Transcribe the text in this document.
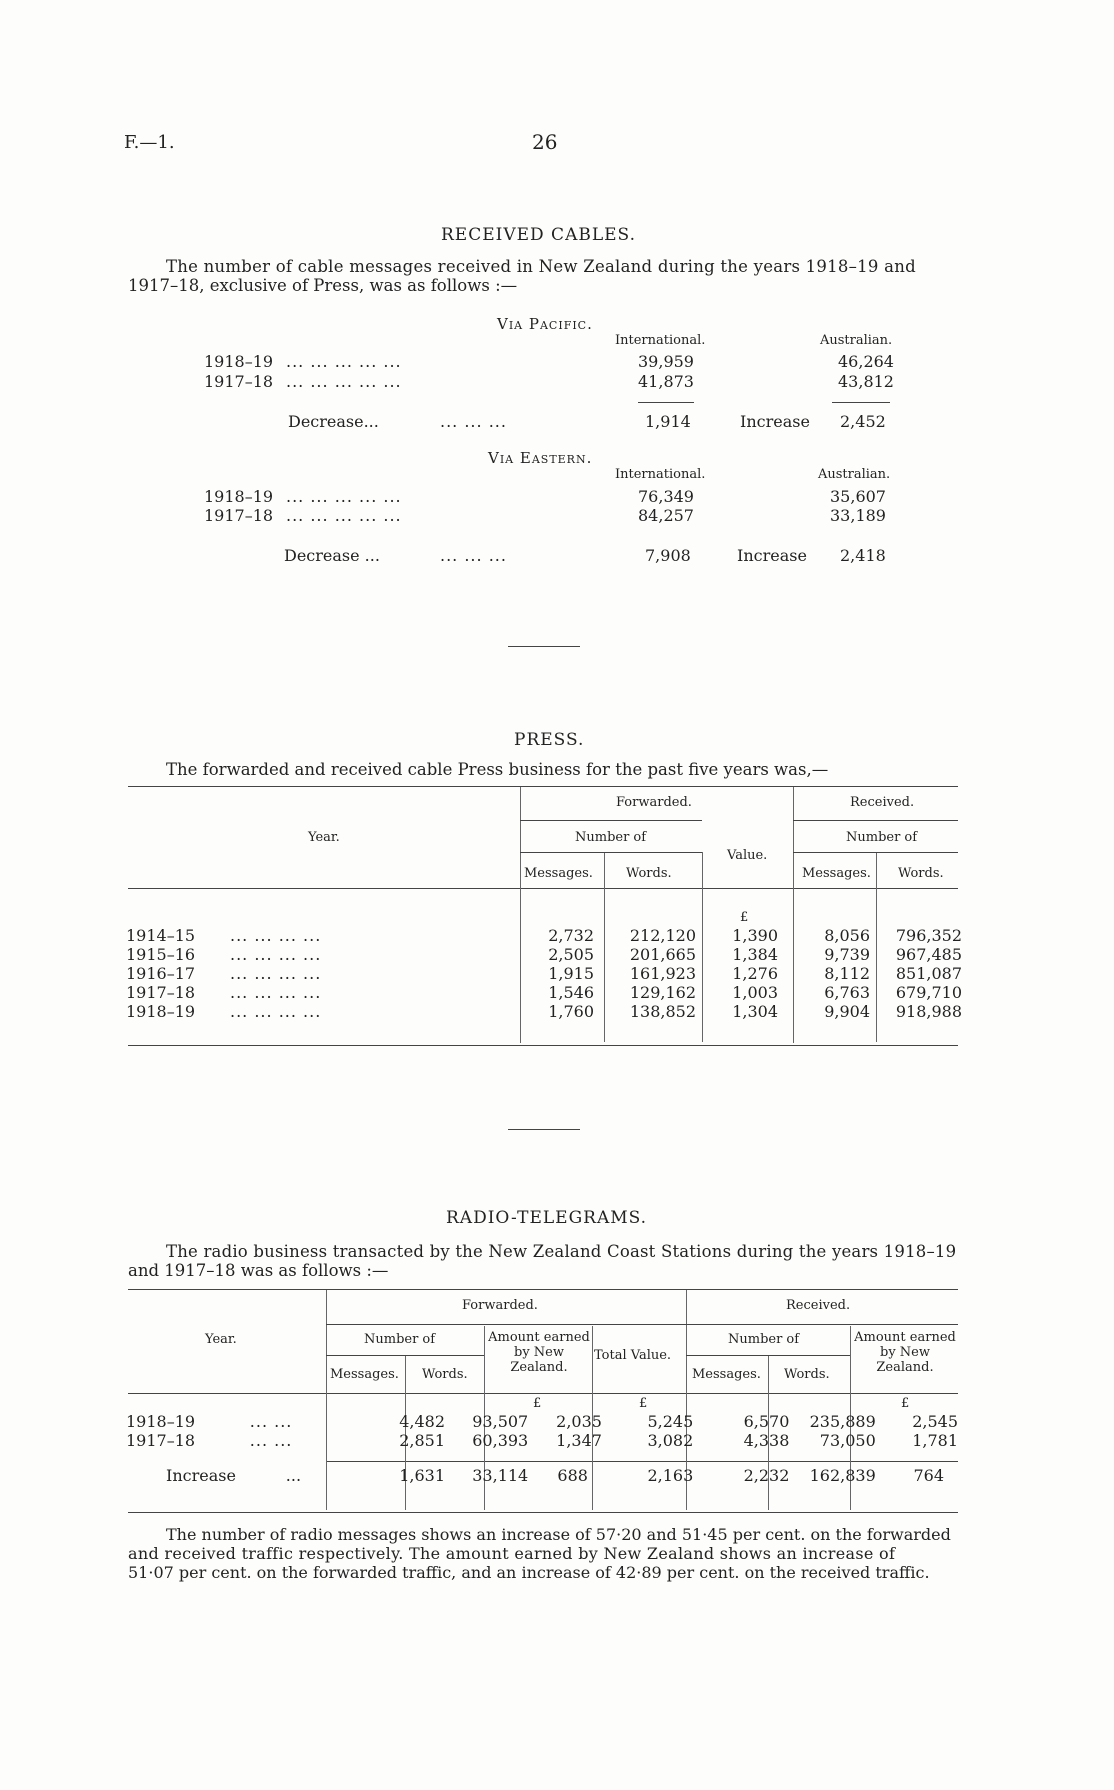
F.—1.	26
RECEIVED CABLES.
The number of cable messages received in New Zealand during the years 1918–19 and
1917–18, exclusive of Press, was as follows :—
Via Pacific.
International.	Australian.
1918–19 ... ... ... ... ...	39,959	46,264
1917–18 ... ... ... ... ...	41,873	43,812
Decrease...	... ... ...	1,914	Increase 2,452
Via Eastern.
International.	Australian.
1918–19 ... ... ... ... ...	76,349	35,607
1917–18 ... ... ... ... ...	84,257	33,189
Decrease ...	... ... ...	7,908	Increase 2,418
PRESS.
The forwarded and received cable Press business for the past five years was,—
Year.
Forwarded.	Received.
Number of	Number of
Value.
Messages.	Words.	Messages. Words.
£
1914–15	... ... ... ...	2,732	212,120	1,390	8,056	796,352
1915–16	... ... ... ...	2,505	201,665	1,384	9,739	967,485
1916–17	... ... ... ...	1,915	161,923	1,276	8,112	851,087
1917–18	... ... ... ...	1,546	129,162	1,003	6,763	679,710
1918–19	... ... ... ...	1,760	138,852	1,304	9,904	918,988
RADIO-TELEGRAMS.
The radio business transacted by the New Zealand Coast Stations during the years 1918–19
and 1917–18 was as follows :—
Year.
Forwarded.	Received.
Number of	Number of
Amount earned by New Zealand.
Total Value.
Amount earned by New Zealand.
Messages. Words.	Messages. Words.
£	£	£
1918–19	... ...	4,482	93,507	2,035	5,245	6,570	235,889	2,545
1917–18	... ...	2,851	60,393	1,347	3,082	4,338	73,050	1,781

Increase	...	1,631	33,114	688	2,163	2,232	162,839	764
The number of radio messages shows an increase of 57·20 and 51·45 per cent. on the forwarded
and received traffic respectively. The amount earned by New Zealand shows an increase of
51·07 per cent. on the forwarded traffic, and an increase of 42·89 per cent. on the received traffic.
